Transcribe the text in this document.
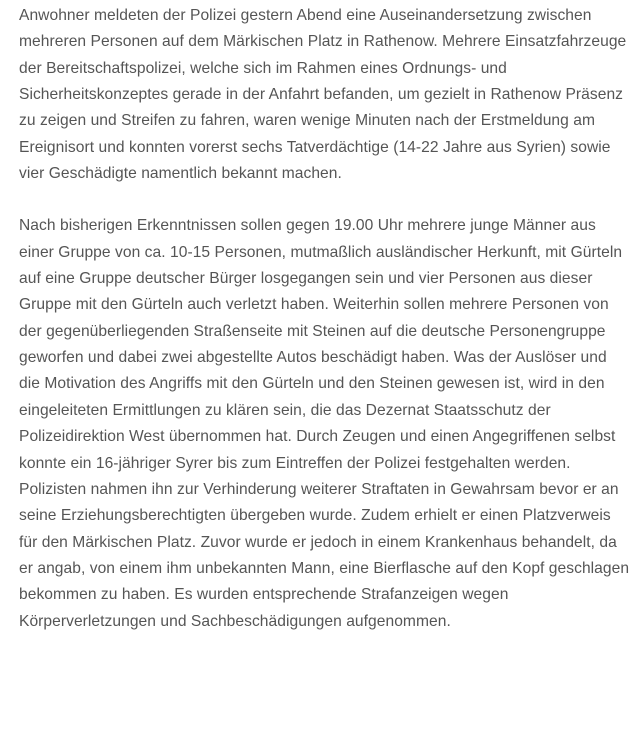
Anwohner meldeten der Polizei gestern Abend eine Auseinandersetzung zwischen mehreren Personen auf dem Märkischen Platz in Rathenow. Mehrere Einsatzfahrzeuge der Bereitschaftspolizei, welche sich im Rahmen eines Ordnungs- und Sicherheitskonzeptes gerade in der Anfahrt befanden, um gezielt in Rathenow Präsenz zu zeigen und Streifen zu fahren, waren wenige Minuten nach der Erstmeldung am Ereignisort und konnten vorerst sechs Tatverdächtige (14-22 Jahre aus Syrien) sowie vier Geschädigte namentlich bekannt machen.

Nach bisherigen Erkenntnissen sollen gegen 19.00 Uhr mehrere junge Männer aus einer Gruppe von ca. 10-15 Personen, mutmaßlich ausländischer Herkunft, mit Gürteln auf eine Gruppe deutscher Bürger losgegangen sein und vier Personen aus dieser Gruppe mit den Gürteln auch verletzt haben. Weiterhin sollen mehrere Personen von der gegenüberliegenden Straßenseite mit Steinen auf die deutsche Personengruppe geworfen und dabei zwei abgestellte Autos beschädigt haben. Was der Auslöser und die Motivation des Angriffs mit den Gürteln und den Steinen gewesen ist, wird in den eingeleiteten Ermittlungen zu klären sein, die das Dezernat Staatsschutz der Polizeidirektion West übernommen hat. Durch Zeugen und einen Angegriffenen selbst konnte ein 16-jähriger Syrer bis zum Eintreffen der Polizei festgehalten werden. Polizisten nahmen ihn zur Verhinderung weiterer Straftaten in Gewahrsam bevor er an seine Erziehungsberechtigten übergeben wurde. Zudem erhielt er einen Platzverweis für den Märkischen Platz. Zuvor wurde er jedoch in einem Krankenhaus behandelt, da er angab, von einem ihm unbekannten Mann, eine Bierflasche auf den Kopf geschlagen bekommen zu haben. Es wurden entsprechende Strafanzeigen wegen Körperverletzungen und Sachbeschädigungen aufgenommen.
